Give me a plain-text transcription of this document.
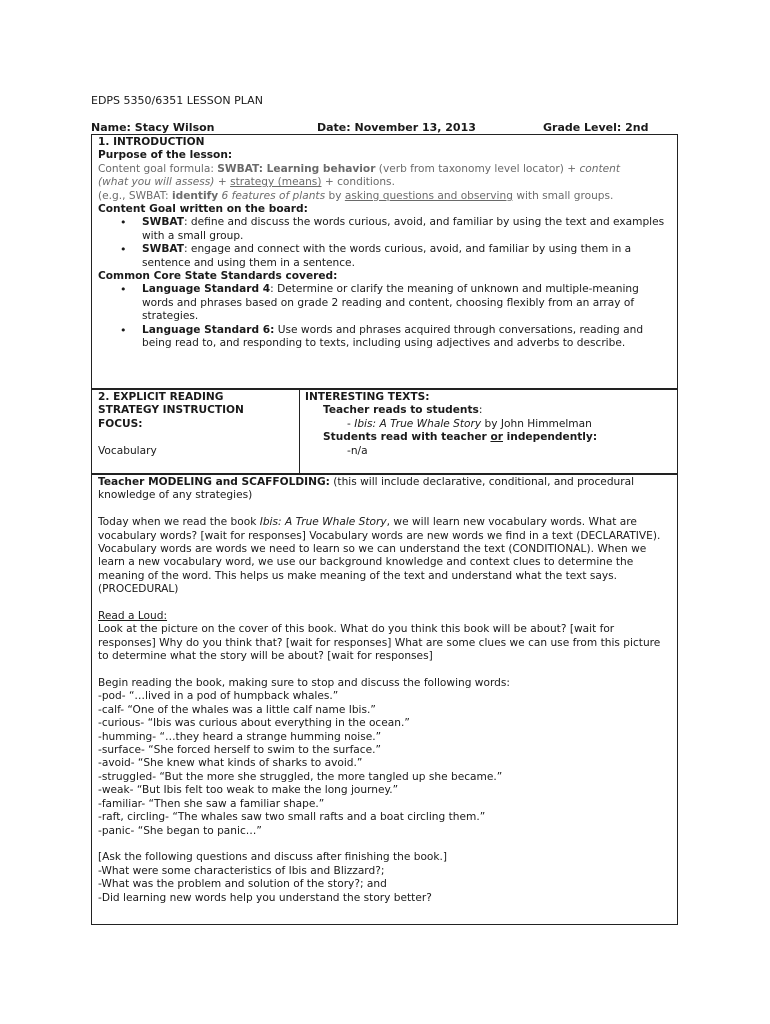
EDPS 5350/6351 LESSON PLAN
Name: Stacy Wilson	Date: November 13, 2013	Grade Level: 2nd

1. INTRODUCTION

Purpose of the lesson:

Content goal formula: SWBAT: Learning behavior (verb from taxonomy level locator) + content
(what you will assess) + strategy (means) + conditions.

(e.g., SWBAT: identify 6 features of plants by asking questions and observing with small groups.

Content Goal written on the board:

• SWBAT: define and discuss the words curious, avoid, and familiar by using the text and examples with a small group.
• SWBAT: engage and connect with the words curious, avoid, and familiar by using them in a sentence and using them in a sentence.

Common Core State Standards covered:

• Language Standard 4: Determine or clarify the meaning of unknown and multiple-meaning words and phrases based on grade 2 reading and content, choosing flexibly from an array of strategies.
• Language Standard 6: Use words and phrases acquired through conversations, reading and being read to, and responding to texts, including using adjectives and adverbs to describe.

2. EXPLICIT READING

STRATEGY INSTRUCTION

FOCUS:

Vocabulary

INTERESTING TEXTS:

Teacher reads to students:

- Ibis: A True Whale Story by John Himmelman

Students read with teacher or independently:

-n/a

Teacher MODELING and SCAFFOLDING: (this will include declarative, conditional, and procedural knowledge of any strategies)

Today when we read the book Ibis: A True Whale Story, we will learn new vocabulary words. What are vocabulary words? [wait for responses] Vocabulary words are new words we find in a text (DECLARATIVE). Vocabulary words are words we need to learn so we can understand the text (CONDITIONAL). When we learn a new vocabulary word, we use our background knowledge and context clues to determine the meaning of the word. This helps us make meaning of the text and understand what the text says. (PROCEDURAL)

Read a Loud:

Look at the picture on the cover of this book. What do you think this book will be about? [wait for responses] Why do you think that? [wait for responses] What are some clues we can use from this picture to determine what the story will be about? [wait for responses]

Begin reading the book, making sure to stop and discuss the following words:

-pod- “…lived in a pod of humpback whales.”

-calf- “One of the whales was a little calf name Ibis.”

-curious- “Ibis was curious about everything in the ocean.”

-humming- “…they heard a strange humming noise.”

-surface- “She forced herself to swim to the surface.”

-avoid- “She knew what kinds of sharks to avoid.”

-struggled- “But the more she struggled, the more tangled up she became.”

-weak- “But Ibis felt too weak to make the long journey.”

-familiar- “Then she saw a familiar shape.”

-raft, circling- “The whales saw two small rafts and a boat circling them.”

-panic- “She began to panic…”

[Ask the following questions and discuss after finishing the book.]

-What were some characteristics of Ibis and Blizzard?;

-What was the problem and solution of the story?; and

-Did learning new words help you understand the story better?
